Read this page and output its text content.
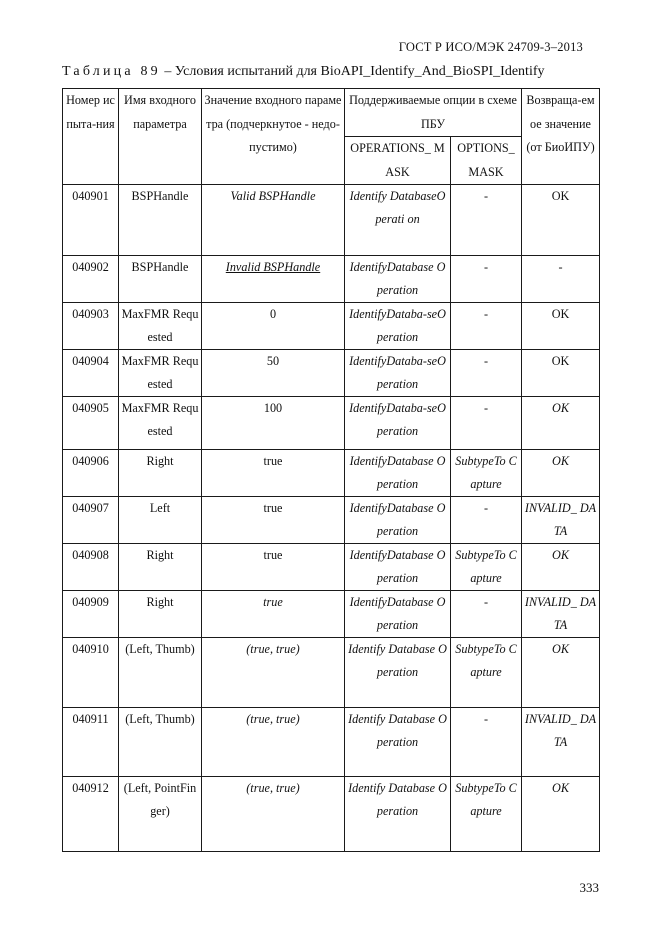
ГОСТ Р ИСО/МЭК 24709-3–2013
Таблица 89 – Условия испытаний для BioAPI_Identify_And_BioSPI_Identify
Номер испыта-ния	Имя входного параметра	Значение входного параметра (подчеркнутое - недо-пустимо)	Поддерживаемые опции в схеме ПБУ		Возвраща-емое значение (от БиоИПУ)
			OPERATIONS_ MASK	OPTIONS_ MASK	
040901	BSPHandle	Valid BSPHandle	Identify DatabaseOperati on	-	OK
040902	BSPHandle	Invalid BSPHandle	IdentifyDatabase Operation	-	-
040903	MaxFMR Requested	0	IdentifyDataba-seOperation	-	OK
040904	MaxFMR Requested	50	IdentifyDataba-seOperation	-	OK
040905	MaxFMR Requested	100	IdentifyDataba-seOperation	-	OK
040906	Right	true	IdentifyDatabase Operation	SubtypeTo Capture	OK
040907	Left	true	IdentifyDatabase Operation	-	INVALID_ DATA
040908	Right	true	IdentifyDatabase Operation	SubtypeTo Capture	OK
040909	Right	true	IdentifyDatabase Operation	-	INVALID_ DATA
040910	(Left, Thumb)	(true, true)	Identify Database Operation	SubtypeTo Capture	OK
040911	(Left, Thumb)	(true, true)	Identify Database Operation	-	INVALID_ DATA
040912	(Left, PointFinger)	(true, true)	Identify Database Operation	SubtypeTo Capture	OK
333
